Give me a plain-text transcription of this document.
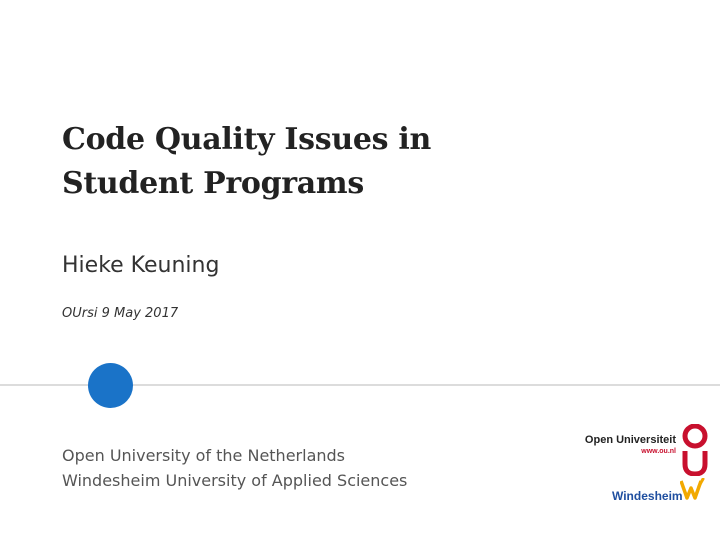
Code Quality Issues in
Student Programs
Hieke Keuning
OUrsi 9 May 2017
Open University of the Netherlands
Windesheim University of Applied Sciences
Open Universiteit
www.ou.nl
Windesheim
